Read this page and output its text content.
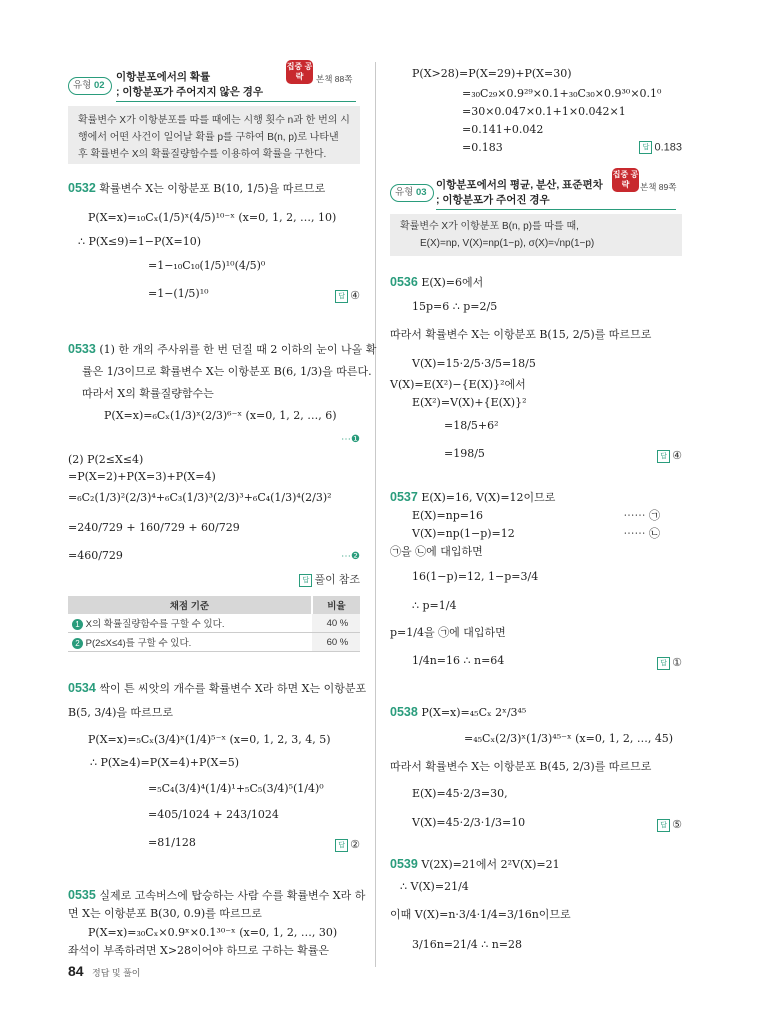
유형 02
이항분포에서의 확률
; 이항분포가 주어지지 않은 경우
집중 공략	본책 88쪽
확률변수 X가 이항분포를 따를 때에는 시행 횟수 n과 한 번의 시
행에서 어떤 사건이 일어날 확률 p를 구하여 B(n, p)로 나타낸
후 확률변수 X의 확률질량함수를 이용하여 확률을 구한다.
0532 확률변수 X는 이항분포 B(10, 1/5)을 따르므로
P(X=x)=₁₀Cₓ(1/5)ˣ(4/5)¹⁰⁻ˣ (x=0, 1, 2, …, 10)
∴ P(X≤9)=1−P(X=10)
=1−₁₀C₁₀(1/5)¹⁰(4/5)⁰
=1−(1/5)¹⁰	답 ④
0533 (1) 한 개의 주사위를 한 번 던질 때 2 이하의 눈이 나올 확
률은 1/3이므로 확률변수 X는 이항분포 B(6, 1/3)을 따른다.
따라서 X의 확률질량함수는
P(X=x)=₆Cₓ(1/3)ˣ(2/3)⁶⁻ˣ (x=0, 1, 2, …, 6)
⋯❶
(2) P(2≤X≤4)
=P(X=2)+P(X=3)+P(X=4)
=₆C₂(1/3)²(2/3)⁴+₆C₃(1/3)³(2/3)³+₆C₄(1/3)⁴(2/3)²
=240/729 + 160/729 + 60/729
=460/729	⋯❷
답 풀이 참조
채점 기준	비율
1 X의 확률질량함수를 구할 수 있다.	40 %
2 P(2≤X≤4)를 구할 수 있다.	60 %
0534 싹이 튼 씨앗의 개수를 확률변수 X라 하면 X는 이항분포
B(5, 3/4)을 따르므로
P(X=x)=₅Cₓ(3/4)ˣ(1/4)⁵⁻ˣ (x=0, 1, 2, 3, 4, 5)
∴ P(X≥4)=P(X=4)+P(X=5)
=₅C₄(3/4)⁴(1/4)¹+₅C₅(3/4)⁵(1/4)⁰
=405/1024 + 243/1024
=81/128	답 ②
0535 실제로 고속버스에 탑승하는 사람 수를 확률변수 X라 하
면 X는 이항분포 B(30, 0.9)를 따르므로
P(X=x)=₃₀Cₓ×0.9ˣ×0.1³⁰⁻ˣ (x=0, 1, 2, …, 30)
좌석이 부족하려면 X>28이어야 하므로 구하는 확률은
P(X>28)=P(X=29)+P(X=30)
=₃₀C₂₉×0.9²⁹×0.1+₃₀C₃₀×0.9³⁰×0.1⁰
=30×0.047×0.1+1×0.042×1
=0.141+0.042
=0.183	답 0.183
유형 03
이항분포에서의 평균, 분산, 표준편차
; 이항분포가 주어진 경우
집중 공략	본책 89쪽
확률변수 X가 이항분포 B(n, p)를 따를 때,
E(X)=np, V(X)=np(1−p), σ(X)=√np(1−p)
0536 E(X)=6에서
15p=6 ∴ p=2/5
따라서 확률변수 X는 이항분포 B(15, 2/5)를 따르므로
V(X)=15·2/5·3/5=18/5
V(X)=E(X²)−{E(X)}²에서
E(X²)=V(X)+{E(X)}²
=18/5+6²
=198/5	답 ④
0537 E(X)=16, V(X)=12이므로
E(X)=np=16	⋯⋯ ㉠
V(X)=np(1−p)=12	⋯⋯ ㉡
㉠을 ㉡에 대입하면
16(1−p)=12, 1−p=3/4
∴ p=1/4
p=1/4을 ㉠에 대입하면
1/4n=16 ∴ n=64	답 ①
0538 P(X=x)=₄₅Cₓ 2ˣ/3⁴⁵
=₄₅Cₓ(2/3)ˣ(1/3)⁴⁵⁻ˣ (x=0, 1, 2, …, 45)
따라서 확률변수 X는 이항분포 B(45, 2/3)를 따르므로
E(X)=45·2/3=30,
V(X)=45·2/3·1/3=10	답 ⑤
0539 V(2X)=21에서 2²V(X)=21
∴ V(X)=21/4
이때 V(X)=n·3/4·1/4=3/16n이므로
3/16n=21/4 ∴ n=28
84 정답 및 풀이
